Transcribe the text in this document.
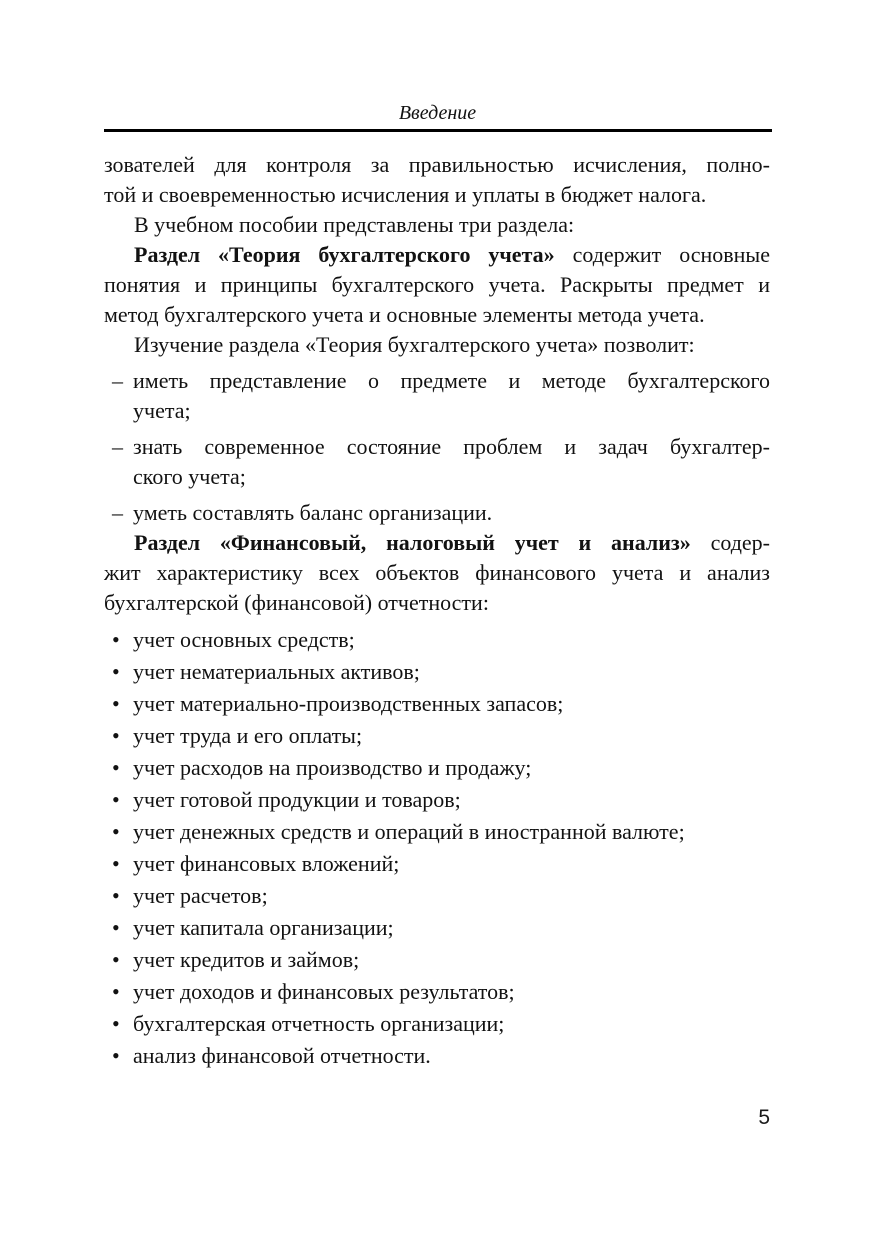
Введение
зователей для контроля за правильностью исчисления, полно-
той и своевременностью исчисления и уплаты в бюджет налога.
В учебном пособии представлены три раздела:
Раздел «Теория бухгалтерского учета» содержит основные
понятия и принципы бухгалтерского учета. Раскрыты предмет и
метод бухгалтерского учета и основные элементы метода учета.
Изучение раздела «Теория бухгалтерского учета» позволит:
– иметь представление о предмете и методе бухгалтерского
учета;
– знать современное состояние проблем и задач бухгалтер-
ского учета;
– уметь составлять баланс организации.
Раздел «Финансовый, налоговый учет и анализ» содер-
жит характеристику всех объектов финансового учета и анализ
бухгалтерской (финансовой) отчетности:
• учет основных средств;
• учет нематериальных активов;
• учет материально-производственных запасов;
• учет труда и его оплаты;
• учет расходов на производство и продажу;
• учет готовой продукции и товаров;
• учет денежных средств и операций в иностранной валюте;
• учет финансовых вложений;
• учет расчетов;
• учет капитала организации;
• учет кредитов и займов;
• учет доходов и финансовых результатов;
• бухгалтерская отчетность организации;
• анализ финансовой отчетности.
5
